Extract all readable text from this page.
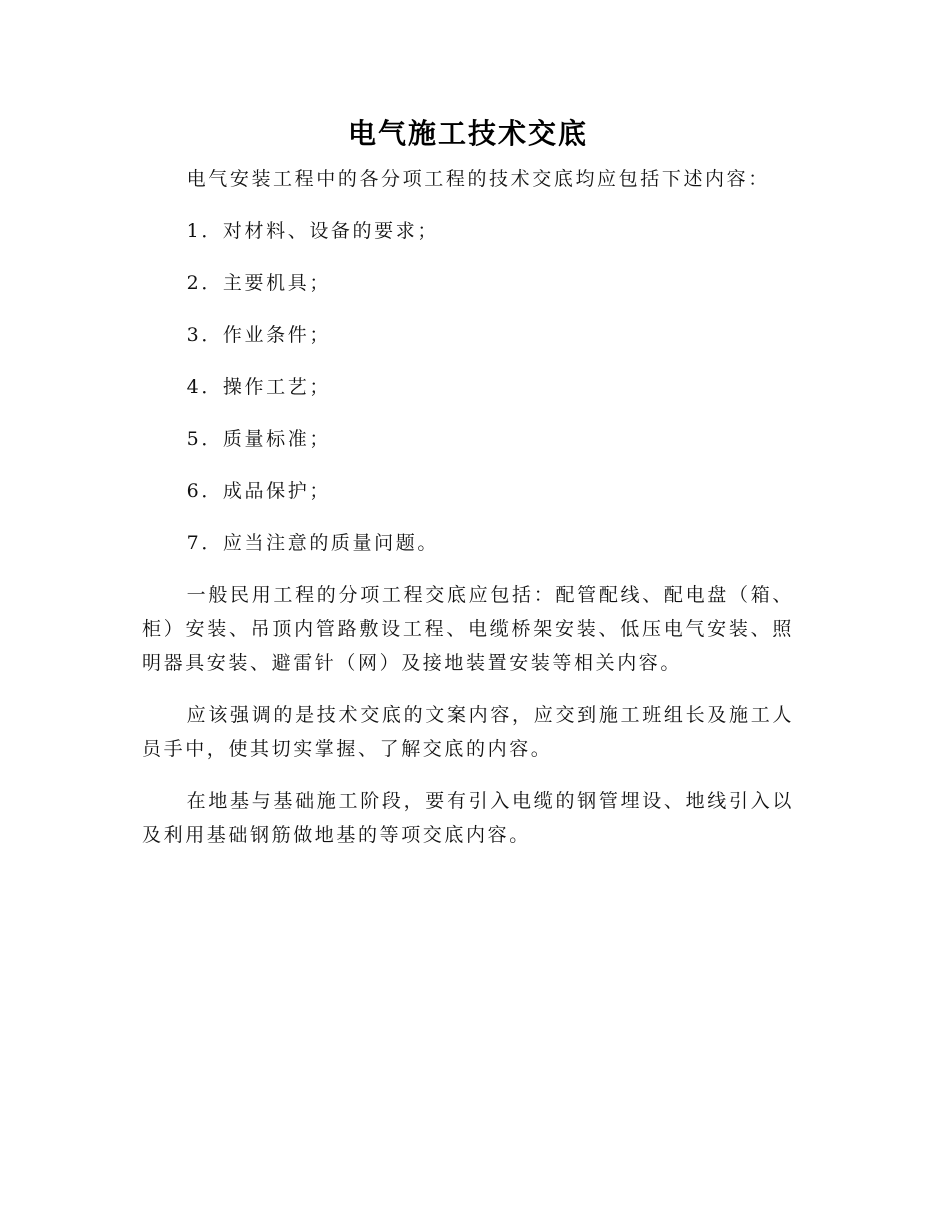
电气施工技术交底

电气安装工程中的各分项工程的技术交底均应包括下述内容：

1．对材料、设备的要求；

2．主要机具；

3．作业条件；

4．操作工艺；

5．质量标准；

6．成品保护；

7．应当注意的质量问题。

一般民用工程的分项工程交底应包括：配管配线、配电盘（箱、柜）安装、吊顶内管路敷设工程、电缆桥架安装、低压电气安装、照明器具安装、避雷针（网）及接地装置安装等相关内容。

应该强调的是技术交底的文案内容，应交到施工班组长及施工人员手中，使其切实掌握、了解交底的内容。

在地基与基础施工阶段，要有引入电缆的钢管埋设、地线引入以及利用基础钢筋做地基的等项交底内容。
